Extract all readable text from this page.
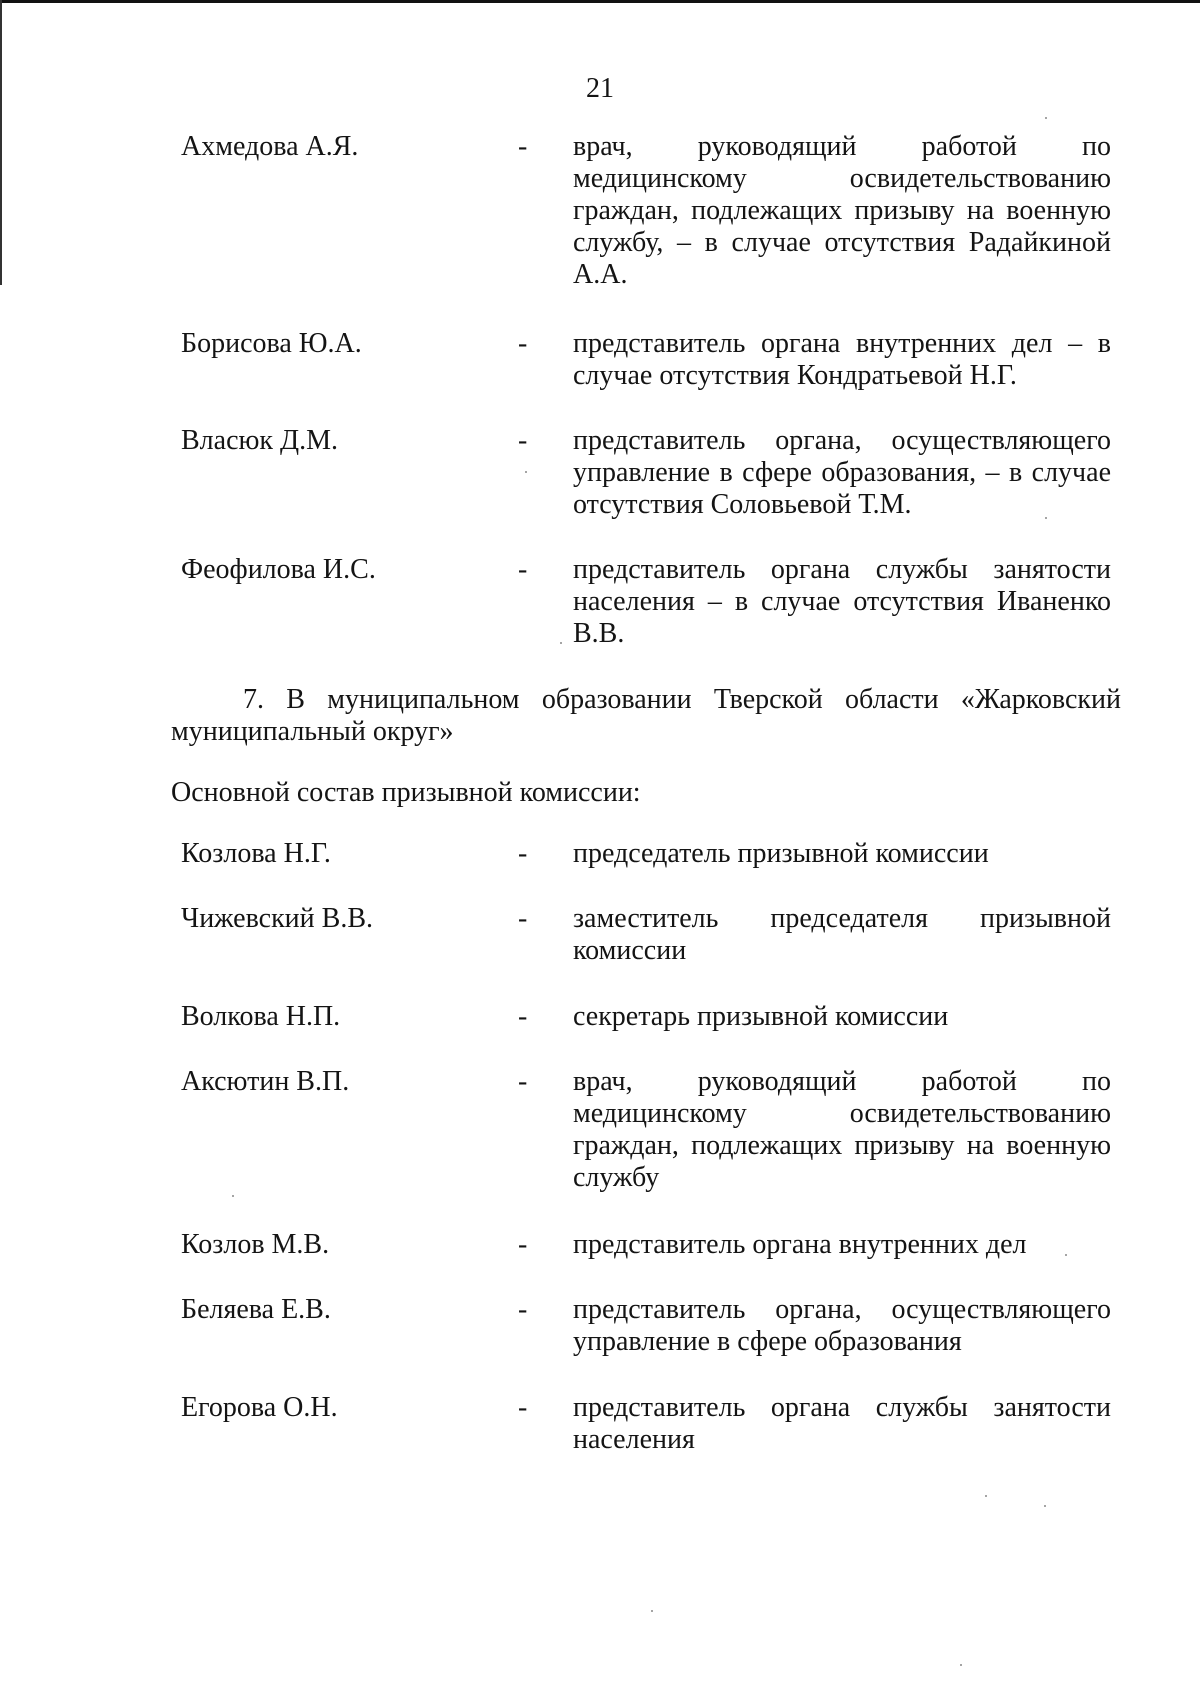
21
Ахмедова А.Я.	- врач, руководящий работой по медицинскому освидетельствованию граждан, подлежащих призыву на военную службу, – в случае отсутствия Радайкиной А.А.
Борисова Ю.А.	- представитель органа внутренних дел – в случае отсутствия Кондратьевой Н.Г.
Власюк Д.М.	- представитель органа, осуществляющего управление в сфере образования, – в случае отсутствия Соловьевой Т.М.
Феофилова И.С.	- представитель органа службы занятости населения – в случае отсутствия Иваненко В.В.
7. В муниципальном образовании Тверской области «Жарковский муниципальный округ»
Основной состав призывной комиссии:
Козлова Н.Г.	- председатель призывной комиссии
Чижевский В.В.	- заместитель председателя призывной комиссии
Волкова Н.П.	- секретарь призывной комиссии
Аксютин В.П.	- врач, руководящий работой по медицинскому освидетельствованию граждан, подлежащих призыву на военную службу
Козлов М.В.	- представитель органа внутренних дел
Беляева Е.В.	- представитель органа, осуществляющего управление в сфере образования
Егорова О.Н.	- представитель органа службы занятости населения
